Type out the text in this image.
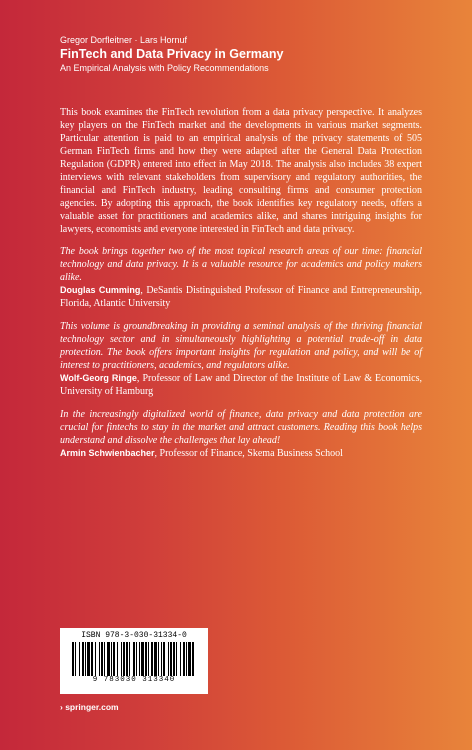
Gregor Dorfleitner · Lars Hornuf
FinTech and Data Privacy in Germany
An Empirical Analysis with Policy Recommendations

This book examines the FinTech revolution from a data privacy perspective. It analyzes key players on the FinTech market and the developments in various market segments. Particular attention is paid to an empirical analysis of the privacy statements of 505 German FinTech firms and how they were adapted after the General Data Protection Regulation (GDPR) entered into effect in May 2018. The analysis also includes 38 expert interviews with relevant stakeholders from supervisory and regulatory authorities, the financial and FinTech industry, leading consulting firms and consumer protection agencies. By adopting this approach, the book identifies key regulatory needs, offers a valuable asset for practitioners and academics alike, and shares intriguing insights for lawyers, economists and everyone interested in FinTech and data privacy.

The book brings together two of the most topical research areas of our time: financial technology and data privacy. It is a valuable resource for academics and policy makers alike.

Douglas Cumming, DeSantis Distinguished Professor of Finance and Entrepreneurship, Florida, Atlantic University

This volume is groundbreaking in providing a seminal analysis of the thriving financial technology sector and in simultaneously highlighting a potential trade-off in data protection. The book offers important insights for regulation and policy, and will be of interest to practitioners, academics, and regulators alike.

Wolf-Georg Ringe, Professor of Law and Director of the Institute of Law & Economics, University of Hamburg

In the increasingly digitalized world of finance, data privacy and data protection are crucial for fintechs to stay in the market and attract customers. Reading this book helps understand and dissolve the challenges that lay ahead!

Armin Schwienbacher, Professor of Finance, Skema Business School

ISBN 978-3-030-31334-0
9 783030 313340
› springer.com
